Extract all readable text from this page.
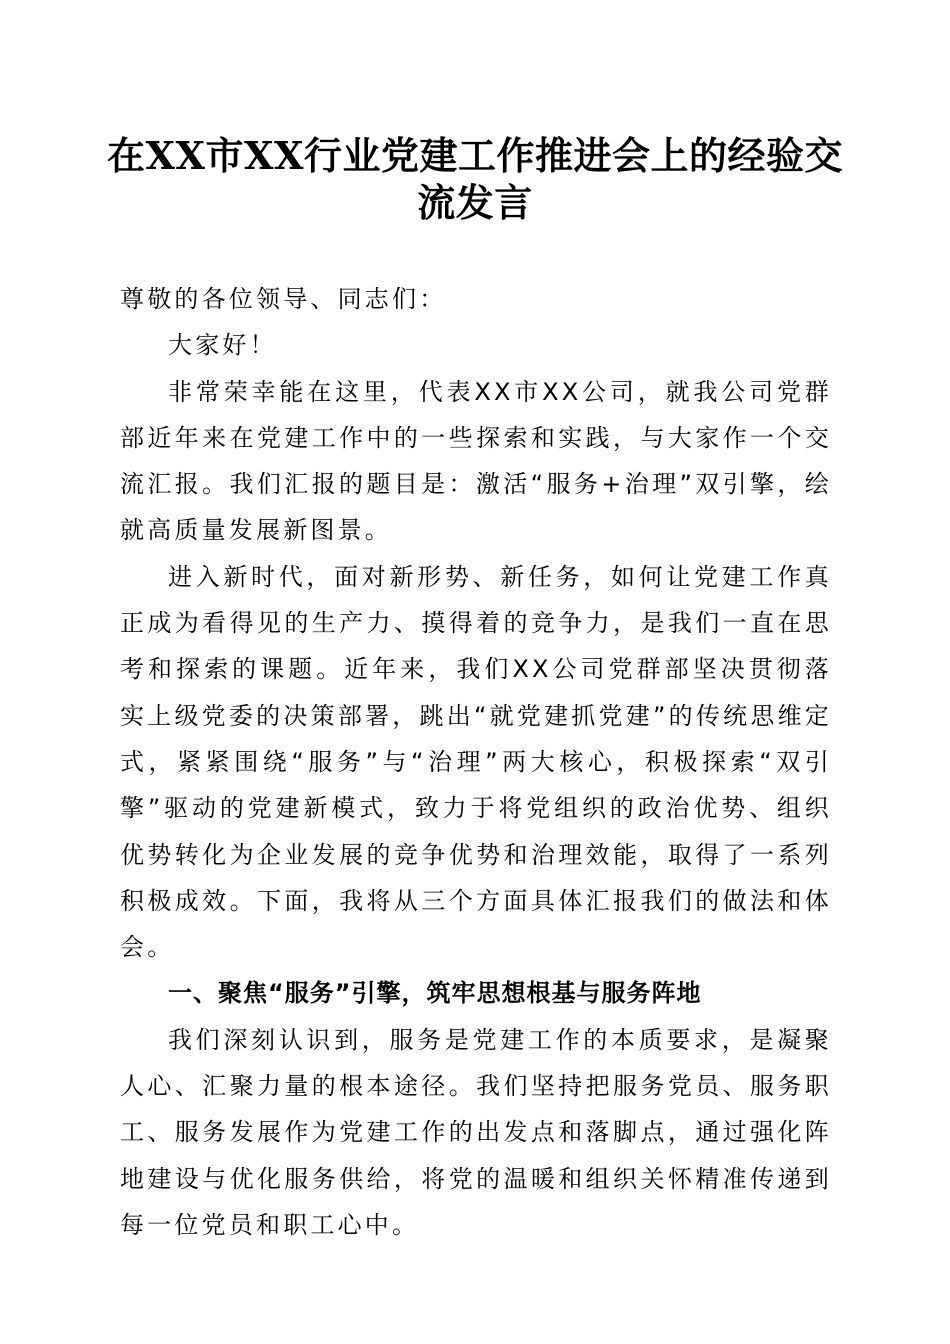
在XX市XX行业党建工作推进会上的经验交流发言

尊敬的各位领导、同志们：

大家好！

非常荣幸能在这里，代表XX市XX公司，就我公司党群部近年来在党建工作中的一些探索和实践，与大家作一个交流汇报。我们汇报的题目是：激活“服务+治理”双引擎，绘就高质量发展新图景。

进入新时代，面对新形势、新任务，如何让党建工作真正成为看得见的生产力、摸得着的竞争力，是我们一直在思考和探索的课题。近年来，我们XX公司党群部坚决贯彻落实上级党委的决策部署，跳出“就党建抓党建”的传统思维定式，紧紧围绕“服务”与“治理”两大核心，积极探索“双引擎”驱动的党建新模式，致力于将党组织的政治优势、组织优势转化为企业发展的竞争优势和治理效能，取得了一系列积极成效。下面，我将从三个方面具体汇报我们的做法和体会。

一、聚焦“服务”引擎，筑牢思想根基与服务阵地

我们深刻认识到，服务是党建工作的本质要求，是凝聚人心、汇聚力量的根本途径。我们坚持把服务党员、服务职工、服务发展作为党建工作的出发点和落脚点，通过强化阵地建设与优化服务供给，将党的温暖和组织关怀精准传递到每一位党员和职工心中。
